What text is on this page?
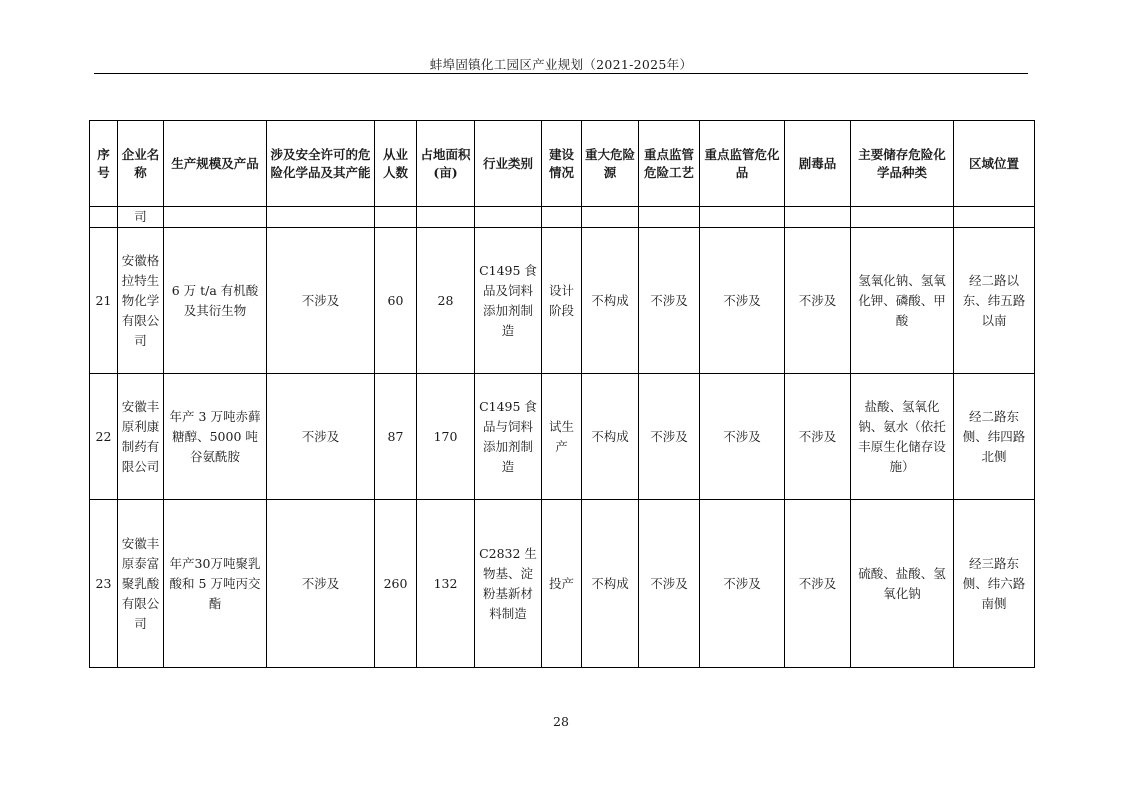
蚌埠固镇化工园区产业规划（2021-2025年）
序号	企业名称	生产规模及产品	涉及安全许可的危险化学品及其产能	从业人数	占地面积(亩)	行业类别	建设情况	重大危险源	重点监管危险工艺	重点监管危化品	剧毒品	主要储存危险化学品种类	区域位置
	司												
21	安徽格拉特生物化学有限公司	6 万 t/a 有机酸及其衍生物	不涉及	60	28	C1495 食品及饲料添加剂制造	设计阶段	不构成	不涉及	不涉及	不涉及	氢氧化钠、氢氧化钾、磷酸、甲酸	经二路以东、纬五路以南
22	安徽丰原利康制药有限公司	年产 3 万吨赤藓糖醇、5000 吨谷氨酰胺	不涉及	87	170	C1495 食品与饲料添加剂制造	试生产	不构成	不涉及	不涉及	不涉及	盐酸、氢氧化钠、氨水（依托丰原生化储存设施）	经二路东侧、纬四路北侧
23	安徽丰原泰富聚乳酸有限公司	年产30万吨聚乳酸和 5 万吨丙交酯	不涉及	260	132	C2832 生物基、淀粉基新材料制造	投产	不构成	不涉及	不涉及	不涉及	硫酸、盐酸、氢氧化钠	经三路东侧、纬六路南侧
28
